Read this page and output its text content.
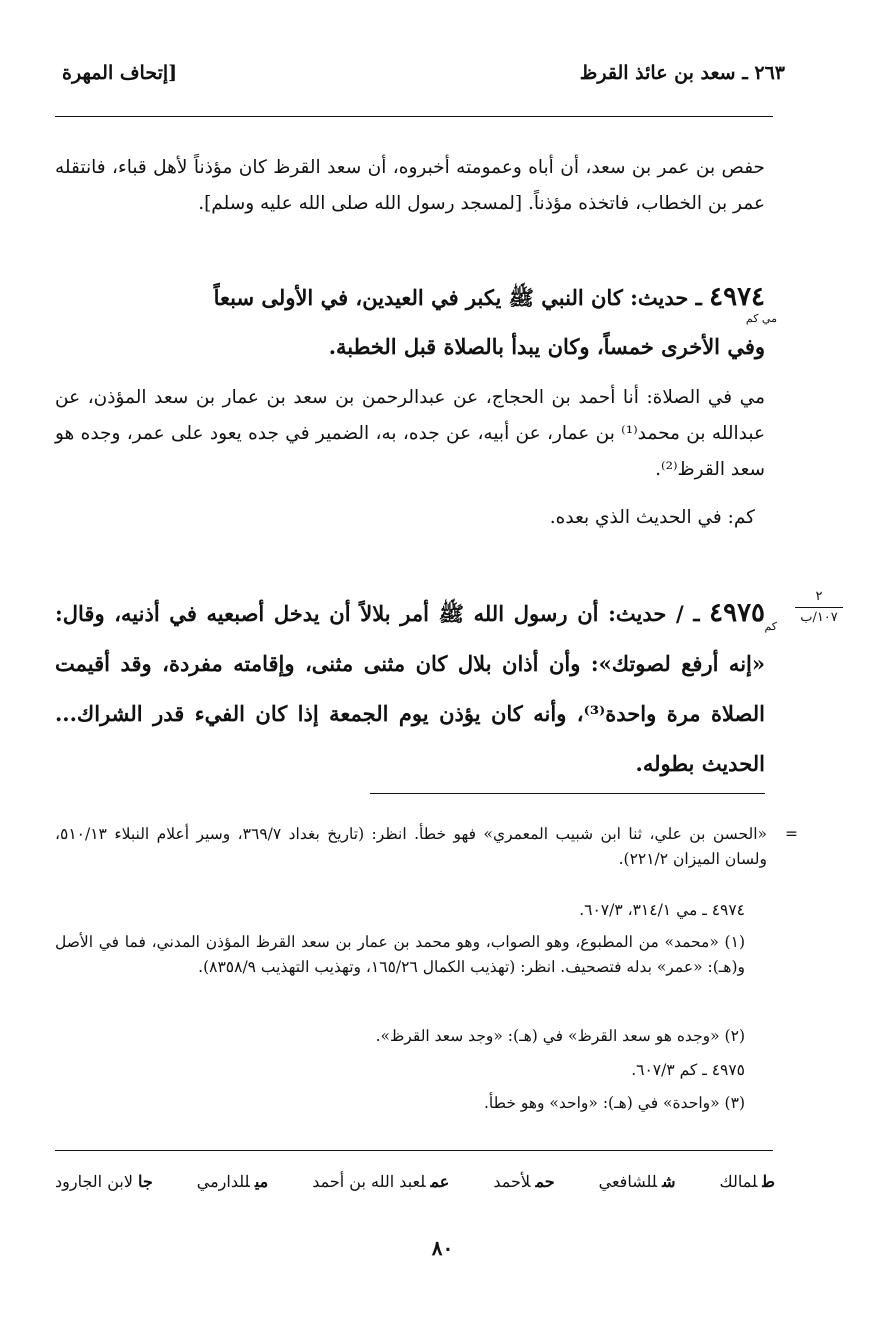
٢٦٣ ـ سعد بن عائذ القرظ
[إتحاف المهرة
حفص بن عمر بن سعد، أن أباه وعمومته أخبروه، أن سعد القرظ كان مؤذناً لأهل قباء، فانتقله عمر بن الخطاب، فاتخذه مؤذناً. [لمسجد رسول الله صلى الله عليه وسلم].
٤٩٧٤ ـ حديث: كان النبي ﷺ يكبر في العيدين، في الأولى سبعاً
مي كم
وفي الأخرى خمساً، وكان يبدأ بالصلاة قبل الخطبة.
مي في الصلاة: أنا أحمد بن الحجاج، عن عبدالرحمن بن سعد بن عمار بن سعد المؤذن، عن عبدالله بن محمد⁽¹⁾ بن عمار، عن أبيه، عن جده، به، الضمير في جده يعود على عمر، وجده هو سعد القرظ⁽²⁾.
كم: في الحديث الذي بعده.
٢
١٠٧/ب
كم
٤٩٧٥ ـ / حديث: أن رسول الله ﷺ أمر بلالاً أن يدخل أصبعيه في أذنيه، وقال: «إنه أرفع لصوتك»: وأن أذان بلال كان مثنى مثنى، وإقامته مفردة، وقد أقيمت الصلاة مرة واحدة⁽³⁾، وأنه كان يؤذن يوم الجمعة إذا كان الفيء قدر الشراك... الحديث بطوله.
=
«الحسن بن علي، ثنا ابن شبيب المعمري» فهو خطأ. انظر: (تاريخ بغداد ٣٦٩/٧، وسير أعلام النبلاء ٥١٠/١٣، ولسان الميزان ٢٢١/٢).
٤٩٧٤ ـ مي ٣١٤/١، ٦٠٧/٣.
(١) «محمد» من المطبوع، وهو الصواب، وهو محمد بن عمار بن سعد القرظ المؤذن المدني، فما في الأصل و(هـ): «عمر» بدله فتصحيف. انظر: (تهذيب الكمال ١٦٥/٢٦، وتهذيب التهذيب ٨٣٥٨/٩).
(٢) «وجده هو سعد القرظ» في (هـ): «وجد سعد القرظ».
٤٩٧٥ ـ كم ٦٠٧/٣.
(٣) «واحدة» في (هـ): «واحد» وهو خطأ.
طلمالك
شللشافعي
حملأحمد
عملعبد الله بن أحمد
ميللدارمي
جالابن الجارود
٨٠
